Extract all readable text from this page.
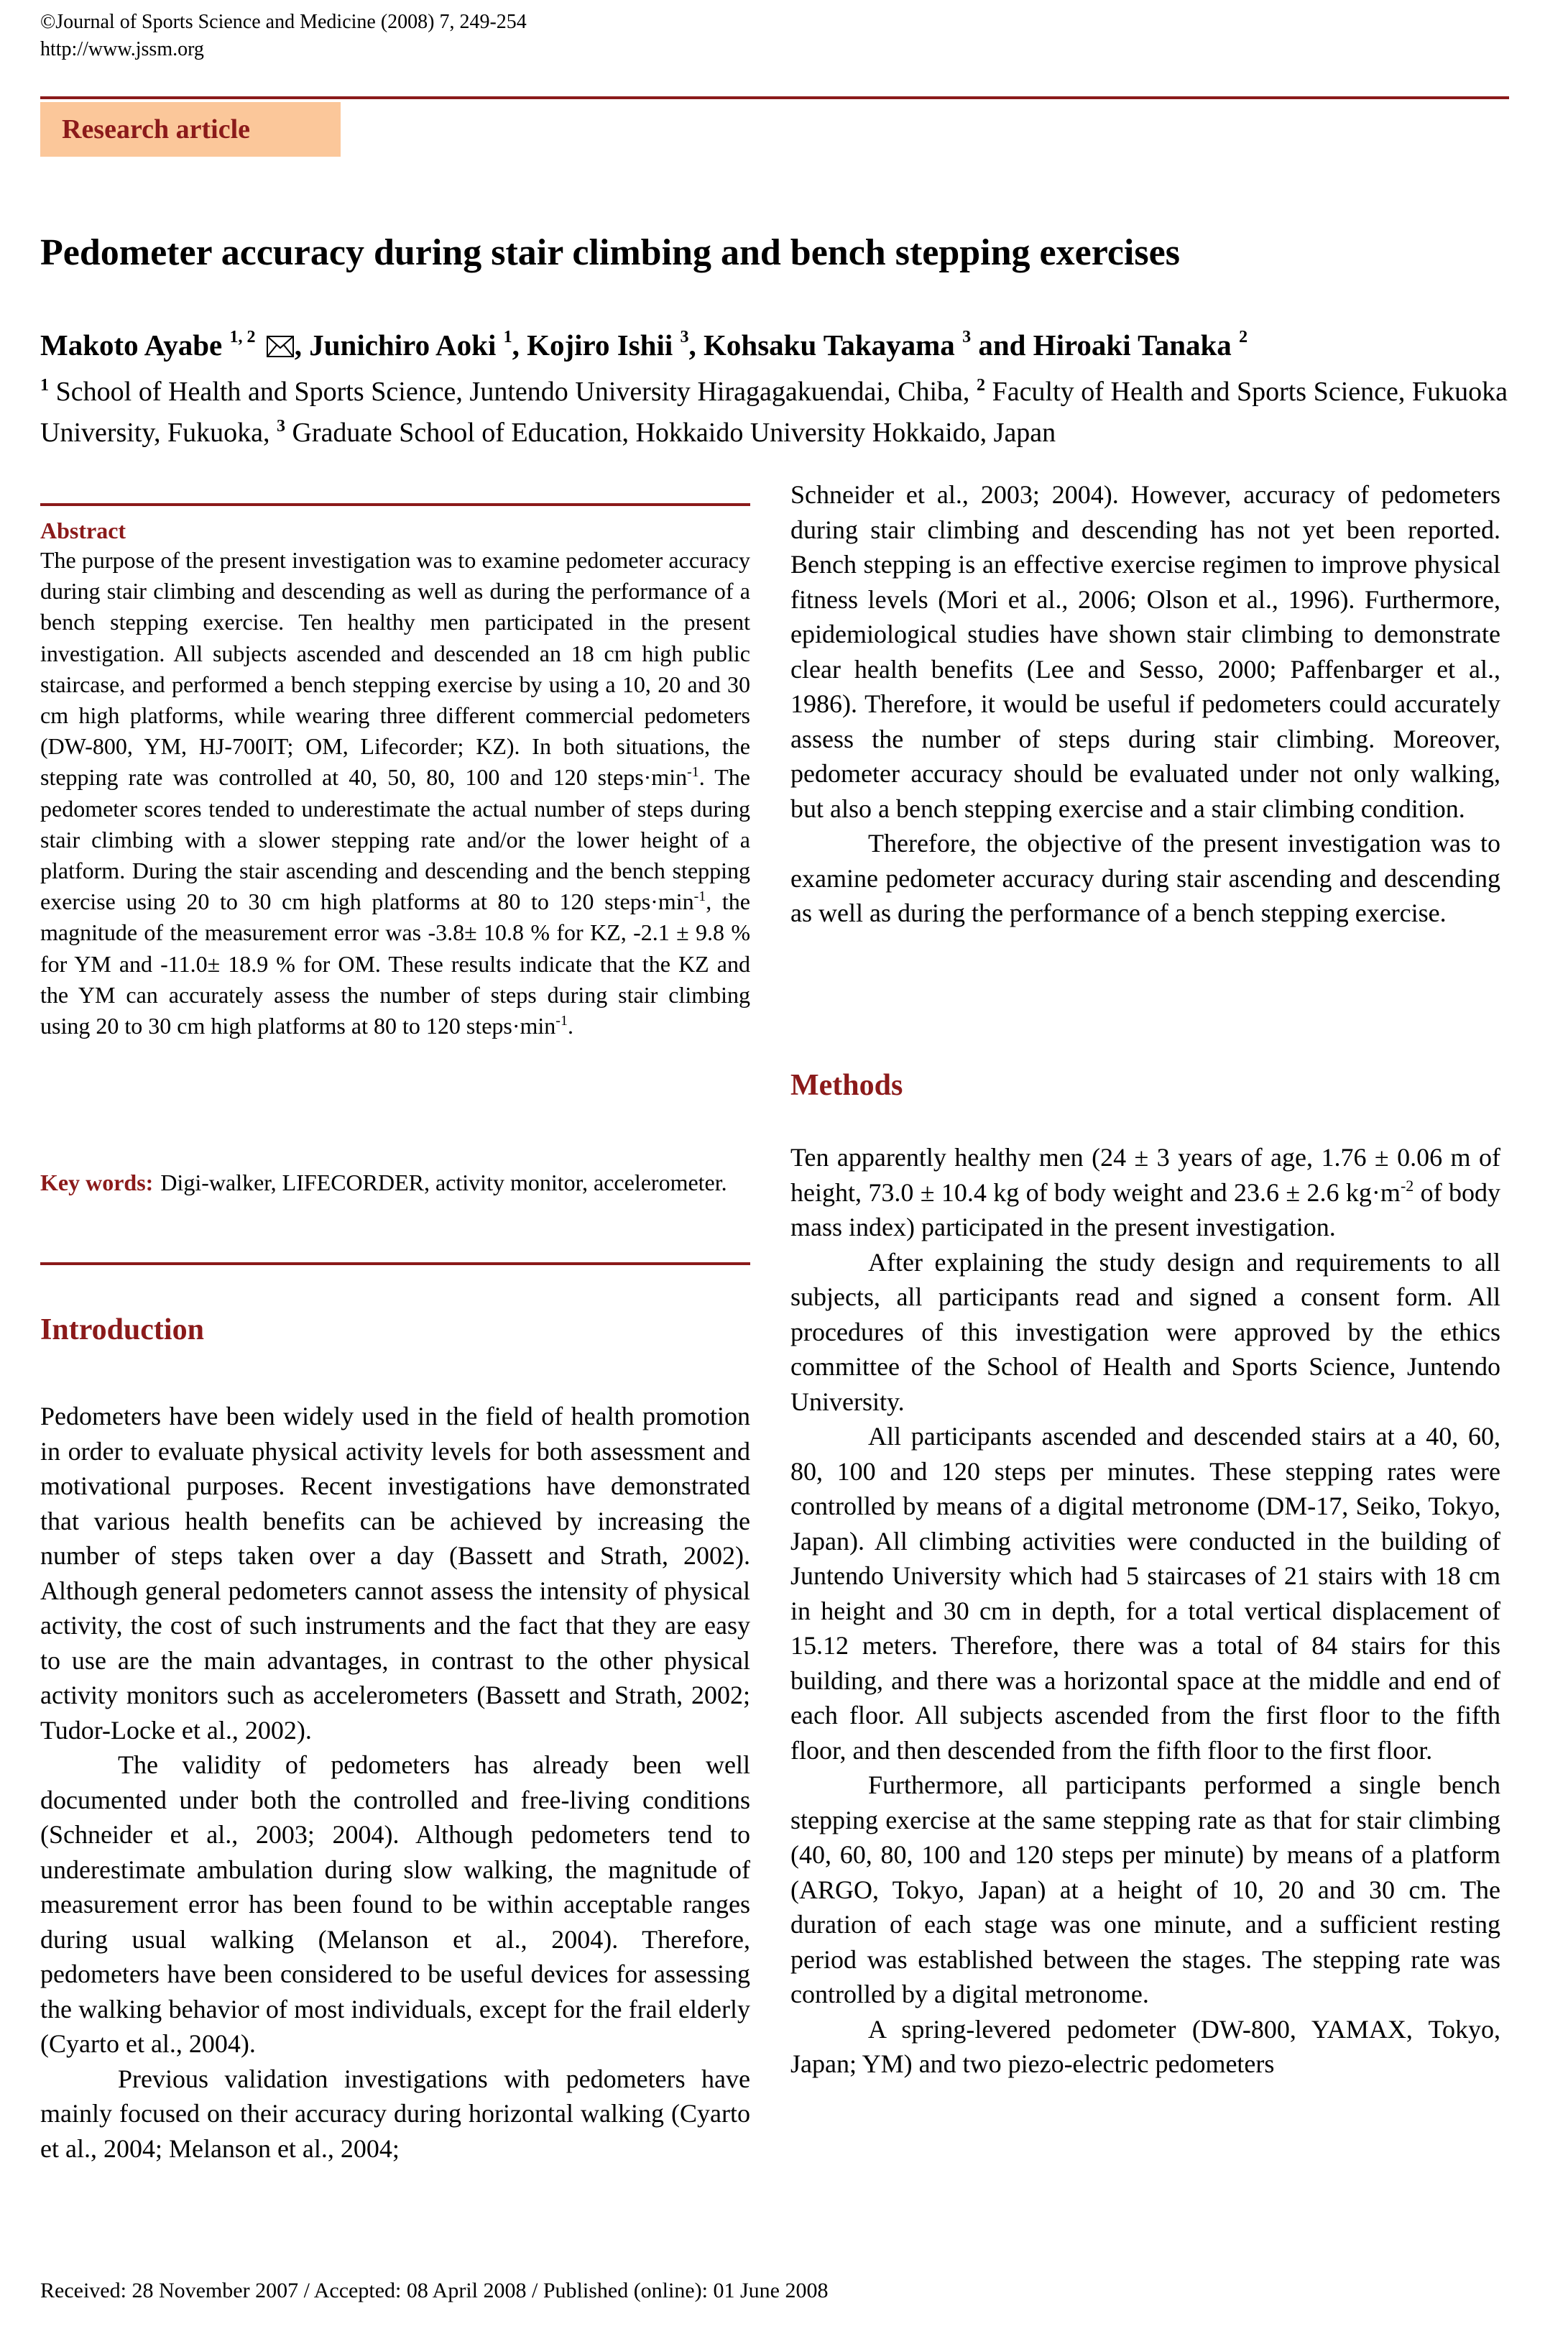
©Journal of Sports Science and Medicine (2008) 7, 249-254
http://www.jssm.org
Research article
Pedometer accuracy during stair climbing and bench stepping exercises
Makoto Ayabe $^{1, 2}$ , Junichiro Aoki $^1$, Kojiro Ishii $^3$, Kohsaku Takayama $^3$ and Hiroaki Tanaka $^2$
$^1$ School of Health and Sports Science, Juntendo University Hiragagakuendai, Chiba, $^2$ Faculty of Health and Sports Science, Fukuoka University, Fukuoka, $^3$ Graduate School of Education, Hokkaido University Hokkaido, Japan
Abstract
The purpose of the present investigation was to examine pedometer accuracy during stair climbing and descending as well as during the performance of a bench stepping exercise. Ten healthy men participated in the present investigation. All subjects ascended and descended an 18 cm high public staircase, and performed a bench stepping exercise by using a 10, 20 and 30 cm high platforms, while wearing three different commercial pedometers (DW-800, YM, HJ-700IT; OM, Lifecorder; KZ). In both situations, the stepping rate was controlled at 40, 50, 80, 100 and 120 $steps\cdot\min^{-1}$. The pedometer scores tended to underestimate the actual number of steps during stair climbing with a slower stepping rate and/or the lower height of a platform. During the stair ascending and descending and the bench stepping exercise using 20 to 30 cm high platforms at 80 to 120 $steps\cdot\min^{-1}$, the magnitude of the measurement error was -3.8± 10.8 % for KZ, -2.1 ± 9.8 % for YM and -11.0± 18.9 % for OM. These results indicate that the KZ and the YM can accurately assess the number of steps during stair climbing using 20 to 30 cm high platforms at 80 to 120 $steps\cdot\min^{-1}$.
Key words: Digi-walker, LIFECORDER, activity monitor, accelerometer.
Introduction

Pedometers have been widely used in the field of health promotion in order to evaluate physical activity levels for both assessment and motivational purposes. Recent investigations have demonstrated that various health benefits can be achieved by increasing the number of steps taken over a day (Bassett and Strath, 2002). Although general pedometers cannot assess the intensity of physical activity, the cost of such instruments and the fact that they are easy to use are the main advantages, in contrast to the other physical activity monitors such as accelerometers (Bassett and Strath, 2002; Tudor-Locke et al., 2002).

The validity of pedometers has already been well documented under both the controlled and free-living conditions (Schneider et al., 2003; 2004). Although pedometers tend to underestimate ambulation during slow walking, the magnitude of measurement error has been found to be within acceptable ranges during usual walking (Melanson et al., 2004). Therefore, pedometers have been considered to be useful devices for assessing the walking behavior of most individuals, except for the frail elderly (Cyarto et al., 2004).

Previous validation investigations with pedometers have mainly focused on their accuracy during horizontal walking (Cyarto et al., 2004; Melanson et al., 2004;

Schneider et al., 2003; 2004). However, accuracy of pedometers during stair climbing and descending has not yet been reported. Bench stepping is an effective exercise regimen to improve physical fitness levels (Mori et al., 2006; Olson et al., 1996). Furthermore, epidemiological studies have shown stair climbing to demonstrate clear health benefits (Lee and Sesso, 2000; Paffenbarger et al., 1986). Therefore, it would be useful if pedometers could accurately assess the number of steps during stair climbing. Moreover, pedometer accuracy should be evaluated under not only walking, but also a bench stepping exercise and a stair climbing condition.

Therefore, the objective of the present investigation was to examine pedometer accuracy during stair ascending and descending as well as during the performance of a bench stepping exercise.

Methods

Ten apparently healthy men (24 ± 3 years of age, 1.76 ± 0.06 m of height, 73.0 ± 10.4 kg of body weight and 23.6 ± 2.6 $kg\cdot m^{-2}$ of body mass index) participated in the present investigation.

After explaining the study design and requirements to all subjects, all participants read and signed a consent form. All procedures of this investigation were approved by the ethics committee of the School of Health and Sports Science, Juntendo University.

All participants ascended and descended stairs at a 40, 60, 80, 100 and 120 steps per minutes. These stepping rates were controlled by means of a digital metronome (DM-17, Seiko, Tokyo, Japan). All climbing activities were conducted in the building of Juntendo University which had 5 staircases of 21 stairs with 18 cm in height and 30 cm in depth, for a total vertical displacement of 15.12 meters. Therefore, there was a total of 84 stairs for this building, and there was a horizontal space at the middle and end of each floor. All subjects ascended from the first floor to the fifth floor, and then descended from the fifth floor to the first floor.

Furthermore, all participants performed a single bench stepping exercise at the same stepping rate as that for stair climbing (40, 60, 80, 100 and 120 steps per minute) by means of a platform (ARGO, Tokyo, Japan) at a height of 10, 20 and 30 cm. The duration of each stage was one minute, and a sufficient resting period was established between the stages. The stepping rate was controlled by a digital metronome.

A spring-levered pedometer (DW-800, YAMAX, Tokyo, Japan; YM) and two piezo-electric pedometers

Received: 28 November 2007 / Accepted: 08 April 2008 / Published (online): 01 June 2008
